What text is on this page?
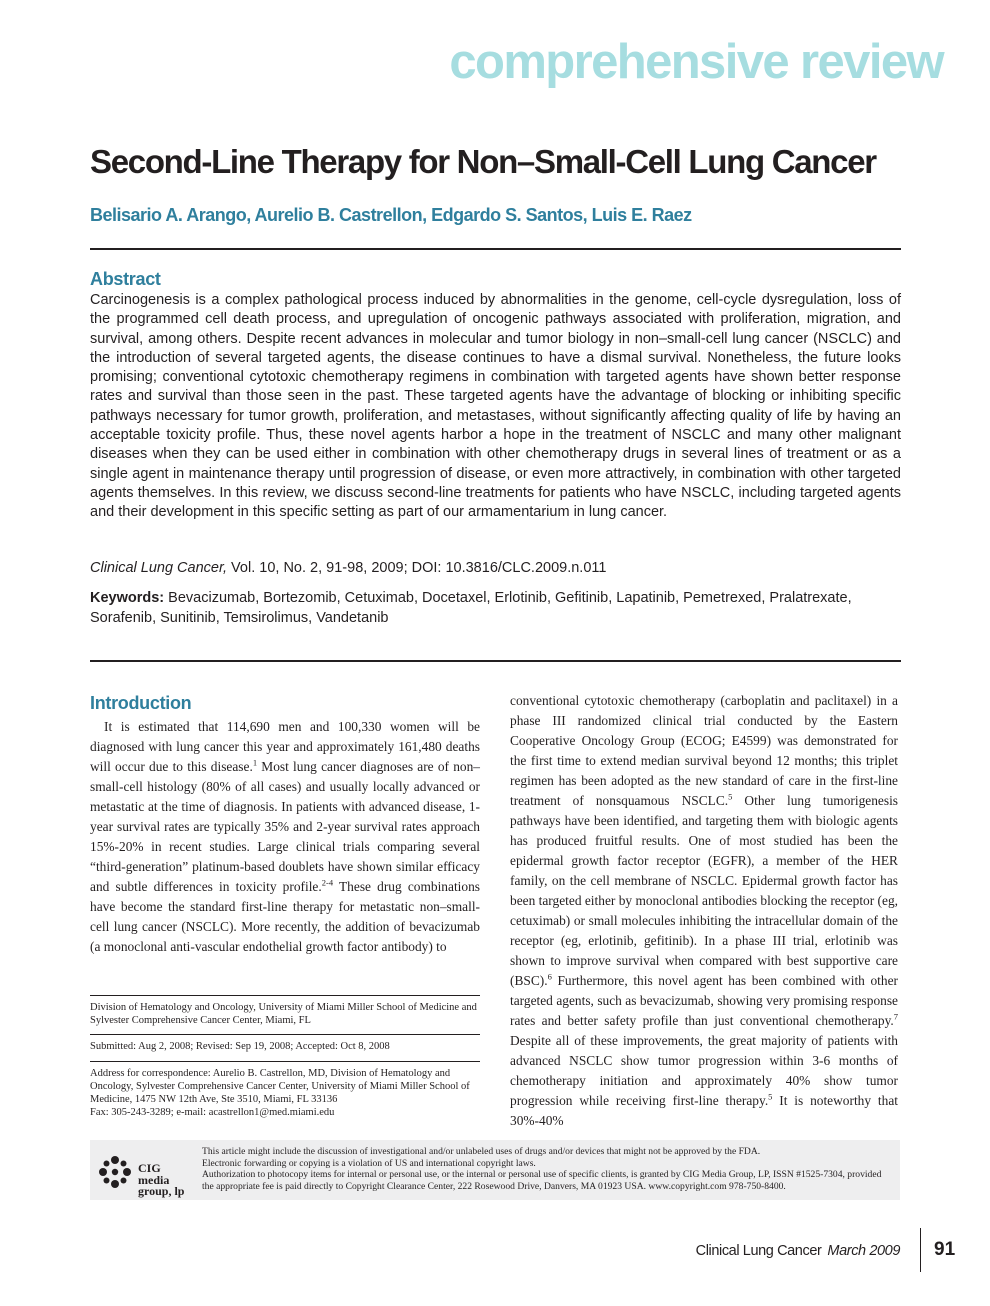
comprehensive review
Second-Line Therapy for Non–Small-Cell Lung Cancer
Belisario A. Arango, Aurelio B. Castrellon, Edgardo S. Santos, Luis E. Raez
Abstract
Carcinogenesis is a complex pathological process induced by abnormalities in the genome, cell-cycle dysregulation, loss of the programmed cell death process, and upregulation of oncogenic pathways associated with proliferation, migration, and survival, among others. Despite recent advances in molecular and tumor biology in non–small-cell lung cancer (NSCLC) and the introduction of several targeted agents, the disease continues to have a dismal survival. Nonetheless, the future looks promising; conventional cytotoxic chemotherapy regimens in combination with targeted agents have shown better response rates and survival than those seen in the past. These targeted agents have the advantage of blocking or inhibiting specific pathways necessary for tumor growth, proliferation, and metastases, without significantly affecting quality of life by having an acceptable toxicity profile. Thus, these novel agents harbor a hope in the treatment of NSCLC and many other malignant diseases when they can be used either in combination with other chemotherapy drugs in several lines of treatment or as a single agent in maintenance therapy until progression of disease, or even more attractively, in combination with other targeted agents themselves. In this review, we discuss second-line treatments for patients who have NSCLC, including targeted agents and their development in this specific setting as part of our armamentarium in lung cancer.
Clinical Lung Cancer, Vol. 10, No. 2, 91-98, 2009; DOI: 10.3816/CLC.2009.n.011
Keywords: Bevacizumab, Bortezomib, Cetuximab, Docetaxel, Erlotinib, Gefitinib, Lapatinib, Pemetrexed, Pralatrexate, Sorafenib, Sunitinib, Temsirolimus, Vandetanib
Introduction

It is estimated that 114,690 men and 100,330 women will be diagnosed with lung cancer this year and approximately 161,480 deaths will occur due to this disease.$^1$ Most lung cancer diagnoses are of non–small-cell histology (80% of all cases) and usually locally advanced or metastatic at the time of diagnosis. In patients with advanced disease, 1-year survival rates are typically 35% and 2-year survival rates approach 15%-20% in recent studies. Large clinical trials comparing several “third-generation” platinum-based doublets have shown similar efficacy and subtle differences in toxicity profile.$^{2-4}$ These drug combinations have become the standard first-line therapy for metastatic non–small-cell lung cancer (NSCLC). More recently, the addition of bevacizumab (a monoclonal anti-vascular endothelial growth factor antibody) to

conventional cytotoxic chemotherapy (carboplatin and paclitaxel) in a phase III randomized clinical trial conducted by the Eastern Cooperative Oncology Group (ECOG; E4599) was demonstrated for the first time to extend median survival beyond 12 months; this triplet regimen has been adopted as the new standard of care in the first-line treatment of nonsquamous NSCLC.$^5$ Other lung tumorigenesis pathways have been identified, and targeting them with biologic agents has produced fruitful results. One of most studied has been the epidermal growth factor receptor (EGFR), a member of the HER family, on the cell membrane of NSCLC. Epidermal growth factor has been targeted either by monoclonal antibodies blocking the receptor (eg, cetuximab) or small molecules inhibiting the intracellular domain of the receptor (eg, erlotinib, gefitinib). In a phase III trial, erlotinib was shown to improve survival when compared with best supportive care (BSC).$^6$ Furthermore, this novel agent has been combined with other targeted agents, such as bevacizumab, showing very promising response rates and better safety profile than just conventional chemotherapy.$^7$ Despite all of these improvements, the great majority of patients with advanced NSCLC show tumor progression within 3-6 months of chemotherapy initiation and approximately 40% show tumor progression while receiving first-line therapy.$^5$ It is noteworthy that 30%-40%

Division of Hematology and Oncology, University of Miami Miller School of Medicine and Sylvester Comprehensive Cancer Center, Miami, FL
Submitted: Aug 2, 2008; Revised: Sep 19, 2008; Accepted: Oct 8, 2008
Address for correspondence: Aurelio B. Castrellon, MD, Division of Hematology and Oncology, Sylvester Comprehensive Cancer Center, University of Miami Miller School of Medicine, 1475 NW 12th Ave, Ste 3510, Miami, FL 33136
Fax: 305-243-3289; e-mail: acastrellon1@med.miami.edu
CIG
media
group, lp
This article might include the discussion of investigational and/or unlabeled uses of drugs and/or devices that might not be approved by the FDA.
Electronic forwarding or copying is a violation of US and international copyright laws.
Authorization to photocopy items for internal or personal use, or the internal or personal use of specific clients, is granted by CIG Media Group, LP, ISSN #1525-7304, provided the appropriate fee is paid directly to Copyright Clearance Center, 222 Rosewood Drive, Danvers, MA 01923 USA. www.copyright.com 978-750-8400.
Clinical Lung Cancer March 2009 91
